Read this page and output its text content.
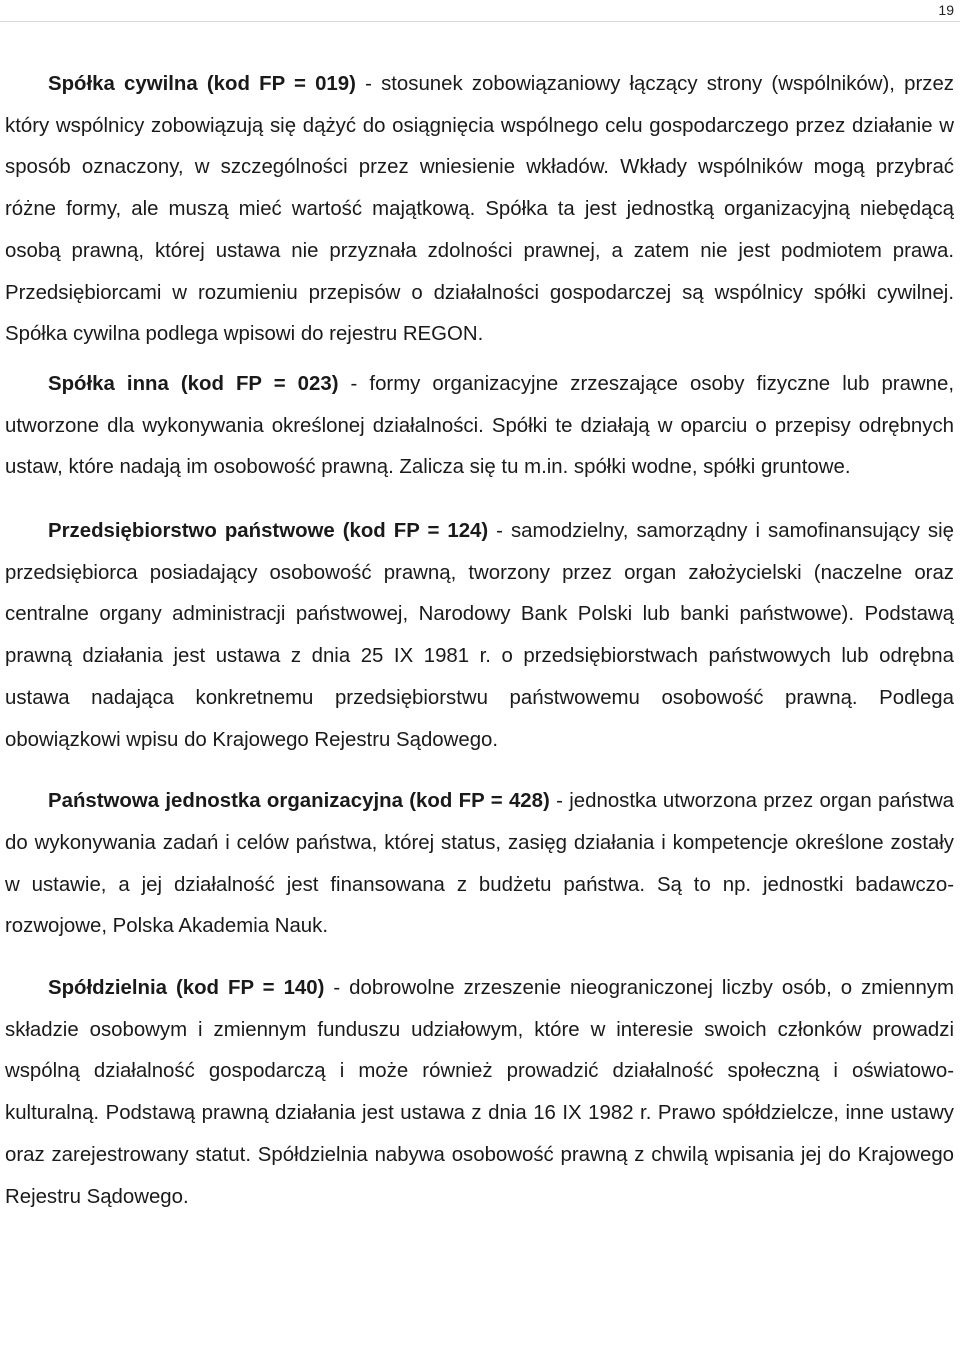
19

Spółka cywilna (kod FP = 019) - stosunek zobowiązaniowy łączący strony (wspólników), przez który wspólnicy zobowiązują się dążyć do osiągnięcia wspólnego celu gospodarczego przez działanie w sposób oznaczony, w szczególności przez wniesienie wkładów. Wkłady wspólników mogą przybrać różne formy, ale muszą mieć wartość majątkową. Spółka ta jest jednostką organizacyjną niebędącą osobą prawną, której ustawa nie przyznała zdolności prawnej, a zatem nie jest podmiotem prawa. Przedsiębiorcami w rozumieniu przepisów o działalności gospodarczej są wspólnicy spółki cywilnej. Spółka cywilna podlega wpisowi do rejestru REGON.

Spółka inna (kod FP = 023) - formy organizacyjne zrzeszające osoby fizyczne lub prawne, utworzone dla wykonywania określonej działalności. Spółki te działają w oparciu o przepisy odrębnych ustaw, które nadają im osobowość prawną. Zalicza się tu m.in. spółki wodne, spółki gruntowe.

Przedsiębiorstwo państwowe (kod FP = 124) - samodzielny, samorządny i samofinansujący się przedsiębiorca posiadający osobowość prawną, tworzony przez organ założycielski (naczelne oraz centralne organy administracji państwowej, Narodowy Bank Polski lub banki państwowe). Podstawą prawną działania jest ustawa z dnia 25 IX 1981 r. o przedsiębiorstwach państwowych lub odrębna ustawa nadająca konkretnemu przedsiębiorstwu państwowemu osobowość prawną. Podlega obowiązkowi wpisu do Krajowego Rejestru Sądowego.

Państwowa jednostka organizacyjna (kod FP = 428) - jednostka utworzona przez organ państwa do wykonywania zadań i celów państwa, której status, zasięg działania i kompetencje określone zostały w ustawie, a jej działalność jest finansowana z budżetu państwa. Są to np. jednostki badawczo-rozwojowe, Polska Akademia Nauk.

Spółdzielnia (kod FP = 140) - dobrowolne zrzeszenie nieograniczonej liczby osób, o zmiennym składzie osobowym i zmiennym funduszu udziałowym, które w interesie swoich członków prowadzi wspólną działalność gospodarczą i może również prowadzić działalność społeczną i oświatowo-kulturalną. Podstawą prawną działania jest ustawa z dnia 16 IX 1982 r. Prawo spółdzielcze, inne ustawy oraz zarejestrowany statut. Spółdzielnia nabywa osobowość prawną z chwilą wpisania jej do Krajowego Rejestru Sądowego.
